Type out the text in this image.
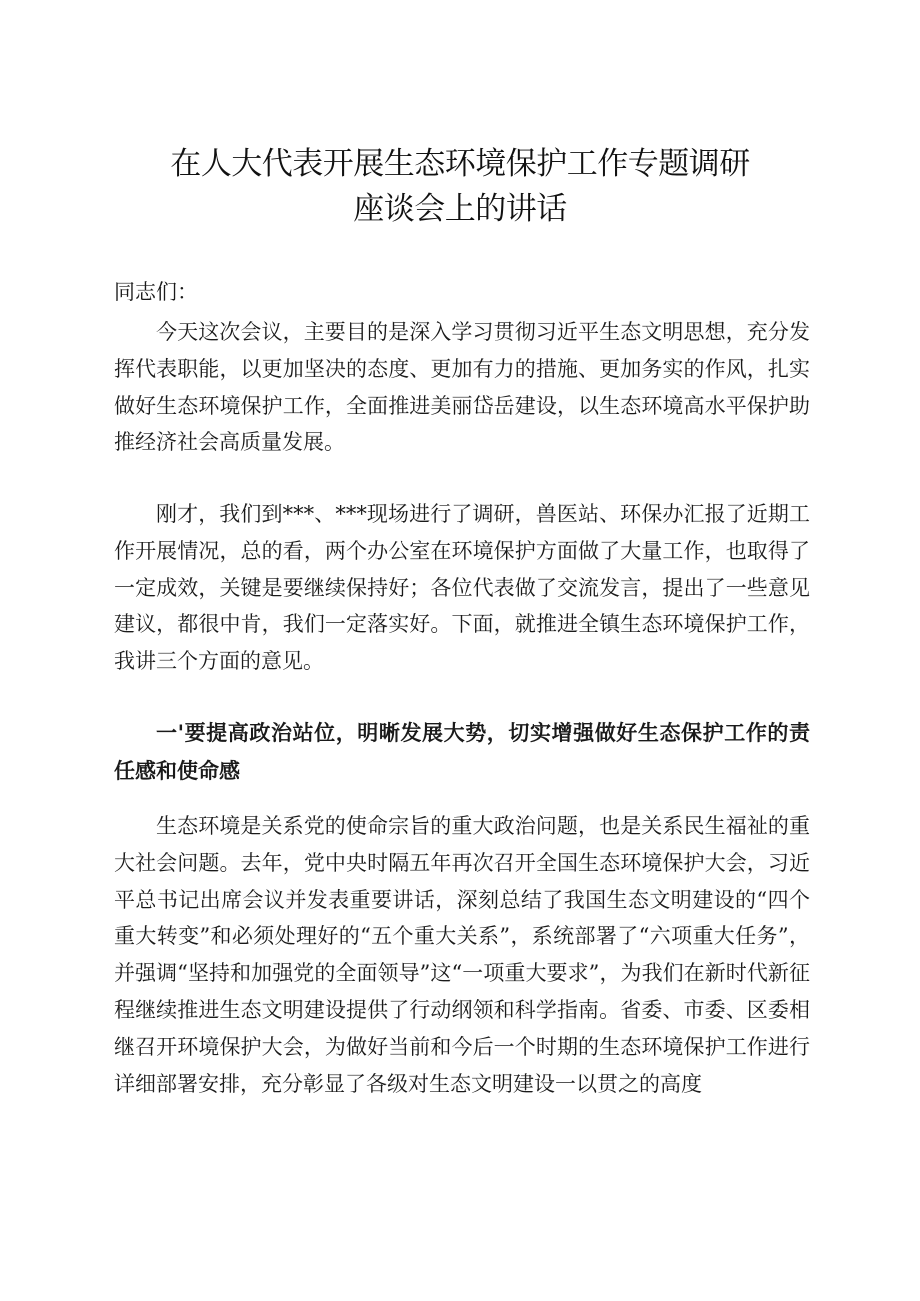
在人大代表开展生态环境保护工作专题调研
座谈会上的讲话
同志们：

今天这次会议，主要目的是深入学习贯彻习近平生态文明思想，充分发挥代表职能，以更加坚决的态度、更加有力的措施、更加务实的作风，扎实做好生态环境保护工作，全面推进美丽岱岳建设，以生态环境高水平保护助推经济社会高质量发展。

刚才，我们到***、***现场进行了调研，兽医站、环保办汇报了近期工作开展情况，总的看，两个办公室在环境保护方面做了大量工作，也取得了一定成效，关键是要继续保持好；各位代表做了交流发言，提出了一些意见建议，都很中肯，我们一定落实好。下面，就推进全镇生态环境保护工作，我讲三个方面的意见。

一'要提高政治站位，明晰发展大势，切实增强做好生态保护工作的责任感和使命感

生态环境是关系党的使命宗旨的重大政治问题，也是关系民生福祉的重大社会问题。去年，党中央时隔五年再次召开全国生态环境保护大会，习近平总书记出席会议并发表重要讲话，深刻总结了我国生态文明建设的“四个重大转变”和必须处理好的“五个重大关系”，系统部署了“六项重大任务”，并强调“坚持和加强党的全面领导”这“一项重大要求”，为我们在新时代新征程继续推进生态文明建设提供了行动纲领和科学指南。省委、市委、区委相继召开环境保护大会，为做好当前和今后一个时期的生态环境保护工作进行详细部署安排，充分彰显了各级对生态文明建设一以贯之的高度
